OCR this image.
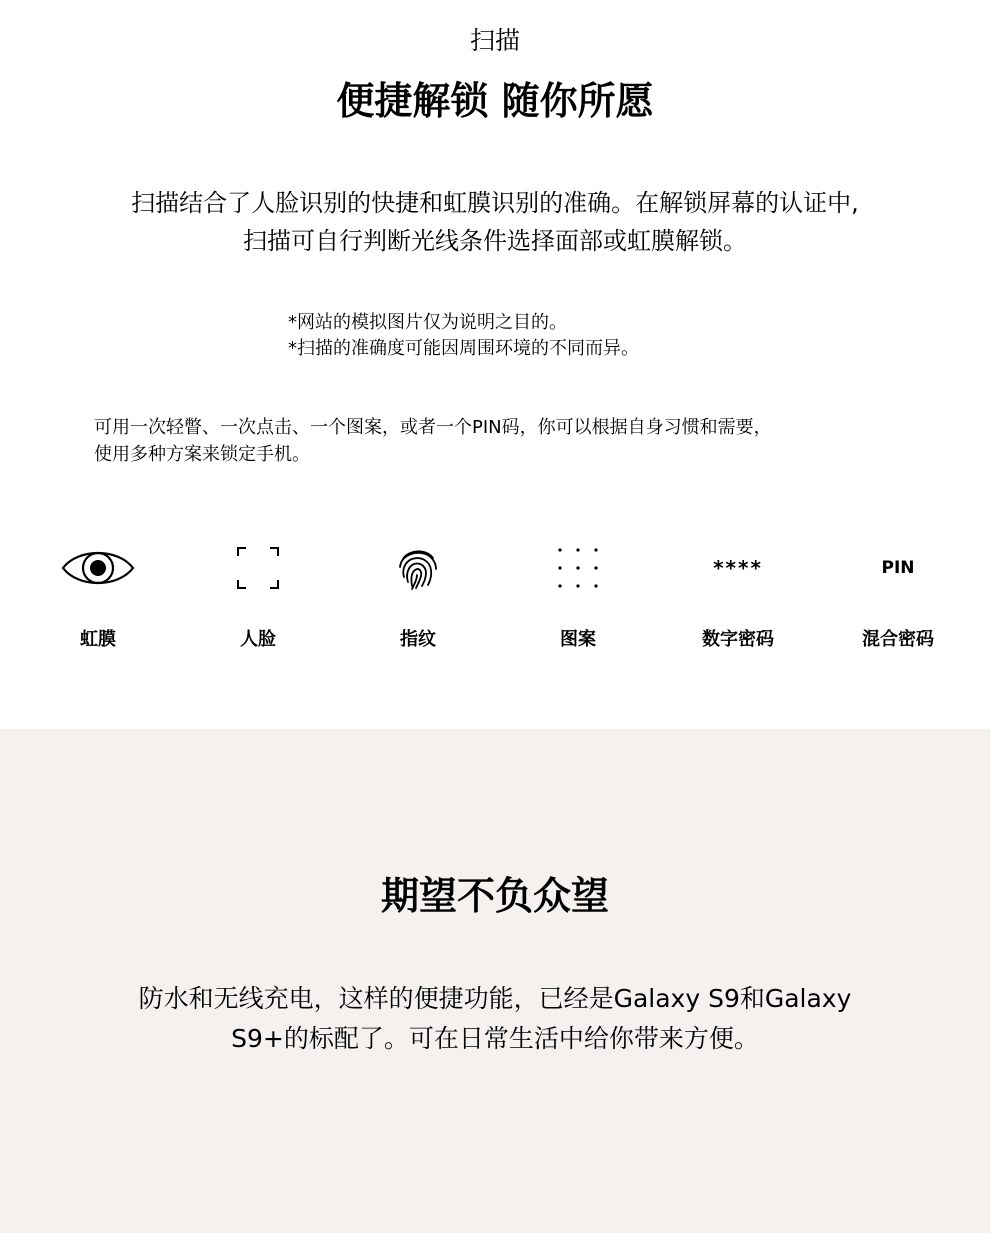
扫描
便捷解锁 随你所愿
扫描结合了人脸识别的快捷和虹膜识别的准确。在解锁屏幕的认证中,
扫描可自行判断光线条件选择面部或虹膜解锁。
*网站的模拟图片仅为说明之目的。
*扫描的准确度可能因周围环境的不同而异。
可用一次轻瞥、一次点击、一个图案，或者一个PIN码，你可以根据自身习惯和需要，
使用多种方案来锁定手机。
虹膜	人脸	指纹	图案
****
数字密码
PIN
混合密码
期望不负众望
防水和无线充电，这样的便捷功能，已经是Galaxy S9和Galaxy
S9+的标配了。可在日常生活中给你带来方便。
